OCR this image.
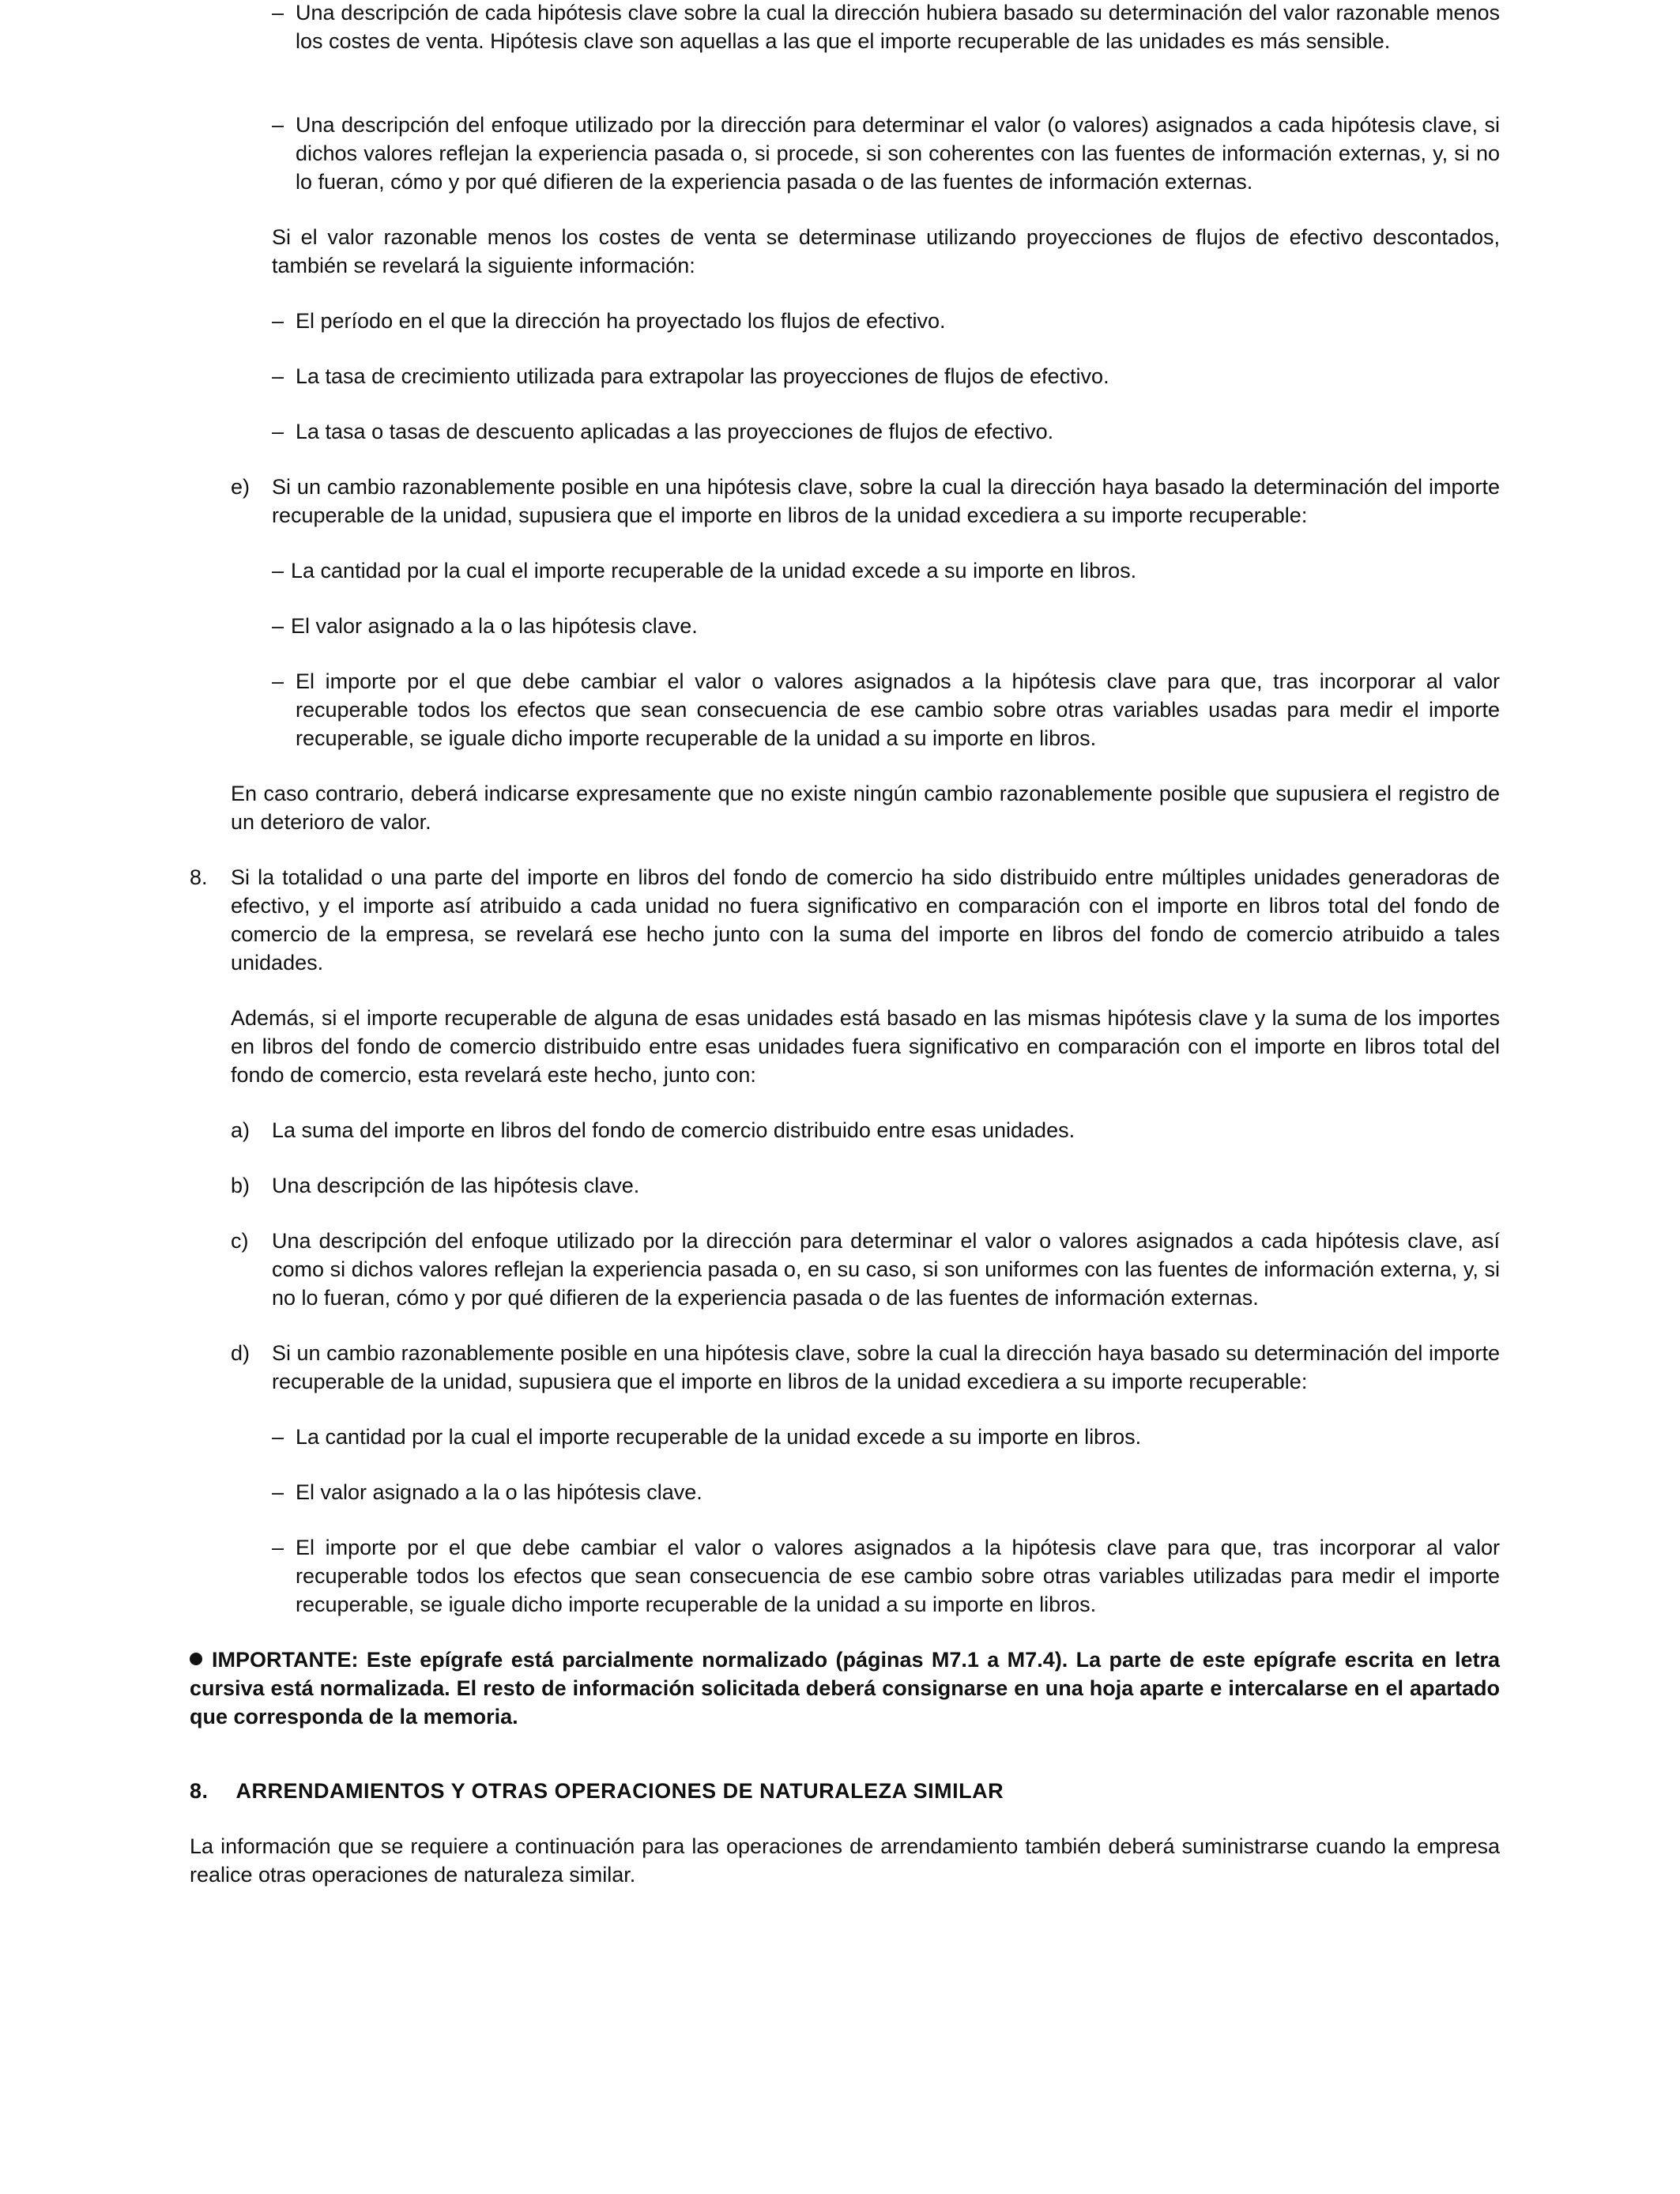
– Una descripción de cada hipótesis clave sobre la cual la dirección hubiera basado su determinación del valor razonable menos los costes de venta. Hipótesis clave son aquellas a las que el importe recuperable de las unidades es más sensible.
– Una descripción del enfoque utilizado por la dirección para determinar el valor (o valores) asignados a cada hipótesis clave, si dichos valores reflejan la experiencia pasada o, si procede, si son coherentes con las fuentes de información externas, y, si no lo fueran, cómo y por qué difieren de la experiencia pasada o de las fuentes de información externas.
Si el valor razonable menos los costes de venta se determinase utilizando proyecciones de flujos de efectivo descontados, también se revelará la siguiente información:
– El período en el que la dirección ha proyectado los flujos de efectivo.
– La tasa de crecimiento utilizada para extrapolar las proyecciones de flujos de efectivo.
– La tasa o tasas de descuento aplicadas a las proyecciones de flujos de efectivo.
e)	Si un cambio razonablemente posible en una hipótesis clave, sobre la cual la dirección haya basado la determinación del importe recuperable de la unidad, supusiera que el importe en libros de la unidad excediera a su importe recuperable:
– La cantidad por la cual el importe recuperable de la unidad excede a su importe en libros.
– El valor asignado a la o las hipótesis clave.
– El importe por el que debe cambiar el valor o valores asignados a la hipótesis clave para que, tras incorporar al valor recuperable todos los efectos que sean consecuencia de ese cambio sobre otras variables usadas para medir el importe recuperable, se iguale dicho importe recuperable de la unidad a su importe en libros.
En caso contrario, deberá indicarse expresamente que no existe ningún cambio razonablemente posible que supusiera el registro de un deterioro de valor.
8.	Si la totalidad o una parte del importe en libros del fondo de comercio ha sido distribuido entre múltiples unidades generadoras de efectivo, y el importe así atribuido a cada unidad no fuera significativo en comparación con el importe en libros total del fondo de comercio de la empresa, se revelará ese hecho junto con la suma del importe en libros del fondo de comercio atribuido a tales unidades.
Además, si el importe recuperable de alguna de esas unidades está basado en las mismas hipótesis clave y la suma de los importes en libros del fondo de comercio distribuido entre esas unidades fuera significativo en comparación con el importe en libros total del fondo de comercio, esta revelará este hecho, junto con:
a)	La suma del importe en libros del fondo de comercio distribuido entre esas unidades.
b)	Una descripción de las hipótesis clave.
c)	Una descripción del enfoque utilizado por la dirección para determinar el valor o valores asignados a cada hipótesis clave, así como si dichos valores reflejan la experiencia pasada o, en su caso, si son uniformes con las fuentes de información externa, y, si no lo fueran, cómo y por qué difieren de la experiencia pasada o de las fuentes de información externas.
d)	Si un cambio razonablemente posible en una hipótesis clave, sobre la cual la dirección haya basado su determinación del importe recuperable de la unidad, supusiera que el importe en libros de la unidad excediera a su importe recuperable:
– La cantidad por la cual el importe recuperable de la unidad excede a su importe en libros.
– El valor asignado a la o las hipótesis clave.
– El importe por el que debe cambiar el valor o valores asignados a la hipótesis clave para que, tras incorporar al valor recuperable todos los efectos que sean consecuencia de ese cambio sobre otras variables utilizadas para medir el importe recuperable, se iguale dicho importe recuperable de la unidad a su importe en libros.
IMPORTANTE: Este epígrafe está parcialmente normalizado (páginas M7.1 a M7.4). La parte de este epígrafe escrita en letra cursiva está normalizada. El resto de información solicitada deberá consignarse en una hoja aparte e intercalarse en el apartado que corresponda de la memoria.
8. ARRENDAMIENTOS Y OTRAS OPERACIONES DE NATURALEZA SIMILAR
La información que se requiere a continuación para las operaciones de arrendamiento también deberá suministrarse cuando la empresa realice otras operaciones de naturaleza similar.
